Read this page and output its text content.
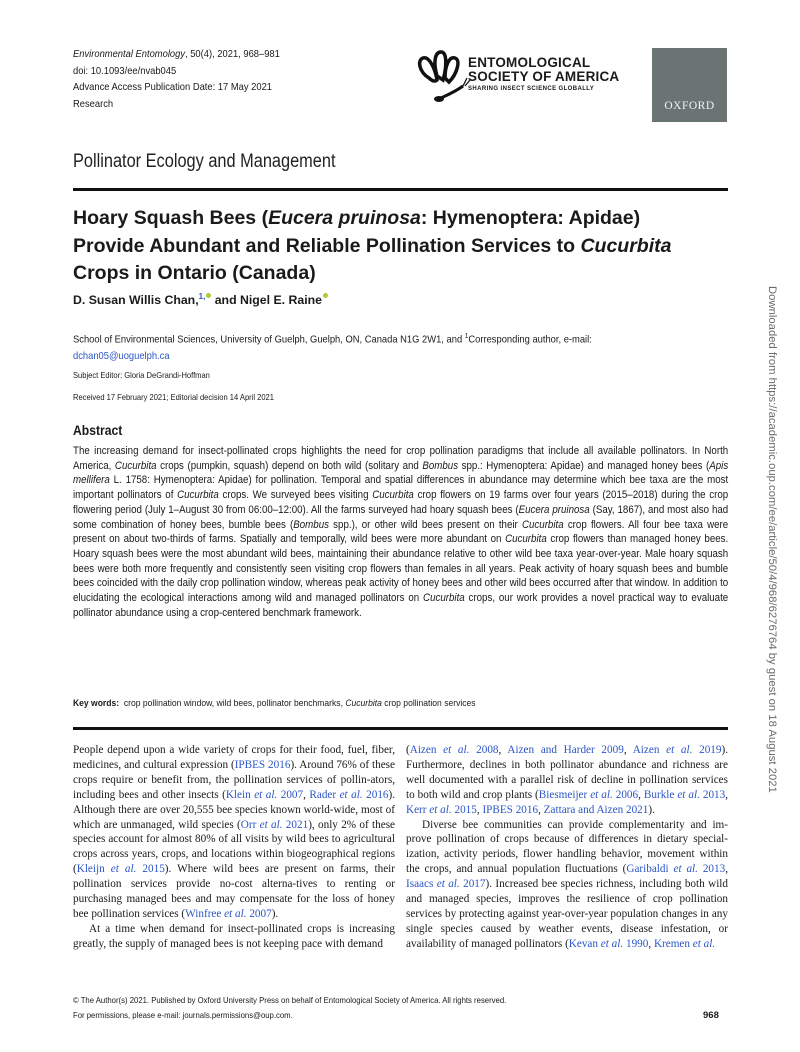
Environmental Entomology, 50(4), 2021, 968–981
doi: 10.1093/ee/nvab045
Advance Access Publication Date: 17 May 2021
Research
ENTOMOLOGICAL
SOCIETY OF AMERICA
SHARING INSECT SCIENCE GLOBALLY
OXFORD
Pollinator Ecology and Management
Hoary Squash Bees (Eucera pruinosa: Hymenoptera: Apidae) Provide Abundant and Reliable Pollination Services to Cucurbita Crops in Ontario (Canada)
D. Susan Willis Chan,$^{1,}$ and Nigel E. Raine
School of Environmental Sciences, University of Guelph, Guelph, ON, Canada N1G 2W1, and $^1$Corresponding author, e-mail:
dchan05@uoguelph.ca
Subject Editor: Gloria DeGrandi-Hoffman
Received 17 February 2021; Editorial decision 14 April 2021
Abstract
The increasing demand for insect-pollinated crops highlights the need for crop pollination paradigms that include all available pollinators. In North America, Cucurbita crops (pumpkin, squash) depend on both wild (solitary and Bombus spp.: Hymenoptera: Apidae) and managed honey bees (Apis mellifera L. 1758: Hymenoptera: Apidae) for pollination. Temporal and spatial differences in abundance may determine which bee taxa are the most important pollinators of Cucurbita crops. We surveyed bees visiting Cucurbita crop flowers on 19 farms over four years (2015–2018) during the crop flowering period (July 1–August 30 from 06:00–12:00). All the farms surveyed had hoary squash bees (Eucera pruinosa (Say, 1867), and most also had some combination of honey bees, bumble bees (Bombus spp.), or other wild bees present on their Cucurbita crop flowers. All four bee taxa were present on about two-thirds of farms. Spatially and temporally, wild bees were more abundant on Cucurbita crop flowers than managed honey bees. Hoary squash bees were the most abundant wild bees, maintaining their abundance relative to other wild bee taxa year-over-year. Male hoary squash bees were both more frequently and consistently seen visiting crop flowers than females in all years. Peak activity of hoary squash bees and bumble bees coincided with the daily crop pollination window, whereas peak activity of honey bees and other wild bees occurred after that window. In addition to elucidating the ecological interactions among wild and managed pollinators on Cucurbita crops, our work provides a novel practical way to evaluate pollinator abundance using a crop-centered benchmark framework.
Key words: crop pollination window, wild bees, pollinator benchmarks, Cucurbita crop pollination services

People depend upon a wide variety of crops for their food, fuel, fiber, medicines, and cultural expression (IPBES 2016). Around 76% of these crops require or benefit from, the pollination services of pollin-ators, including bees and other insects (Klein et al. 2007, Rader et al. 2016). Although there are over 20,555 bee species known world-wide, most of which are unmanaged, wild species (Orr et al. 2021), only 2% of these species account for almost 80% of all visits by wild bees to agricultural crops across years, crops, and locations within biogeographical regions (Kleijn et al. 2015). Where wild bees are present on farms, their pollination services provide no-cost alterna-tives to renting or purchasing managed bees and may compensate for the loss of honey bee pollination services (Winfree et al. 2007).

At a time when demand for insect-pollinated crops is increasing greatly, the supply of managed bees is not keeping pace with demand

(Aizen et al. 2008, Aizen and Harder 2009, Aizen et al. 2019). Furthermore, declines in both pollinator abundance and richness are well documented with a parallel risk of decline in pollination services to both wild and crop plants (Biesmeijer et al. 2006, Burkle et al. 2013, Kerr et al. 2015, IPBES 2016, Zattara and Aizen 2021).

Diverse bee communities can provide complementarity and im-prove pollination of crops because of differences in dietary special-ization, activity periods, flower handling behavior, movement within the crops, and annual population fluctuations (Garibaldi et al. 2013, Isaacs et al. 2017). Increased bee species richness, including both wild and managed species, improves the resilience of crop pollination services by protecting against year-over-year population changes in any single species caused by weather events, disease infestation, or availability of managed pollinators (Kevan et al. 1990, Kremen et al.

© The Author(s) 2021. Published by Oxford University Press on behalf of Entomological Society of America. All rights reserved.
For permissions, please e-mail: journals.permissions@oup.com.	968
Downloaded from https://academic.oup.com/ee/article/50/4/968/6276764 by guest on 18 August 2021
